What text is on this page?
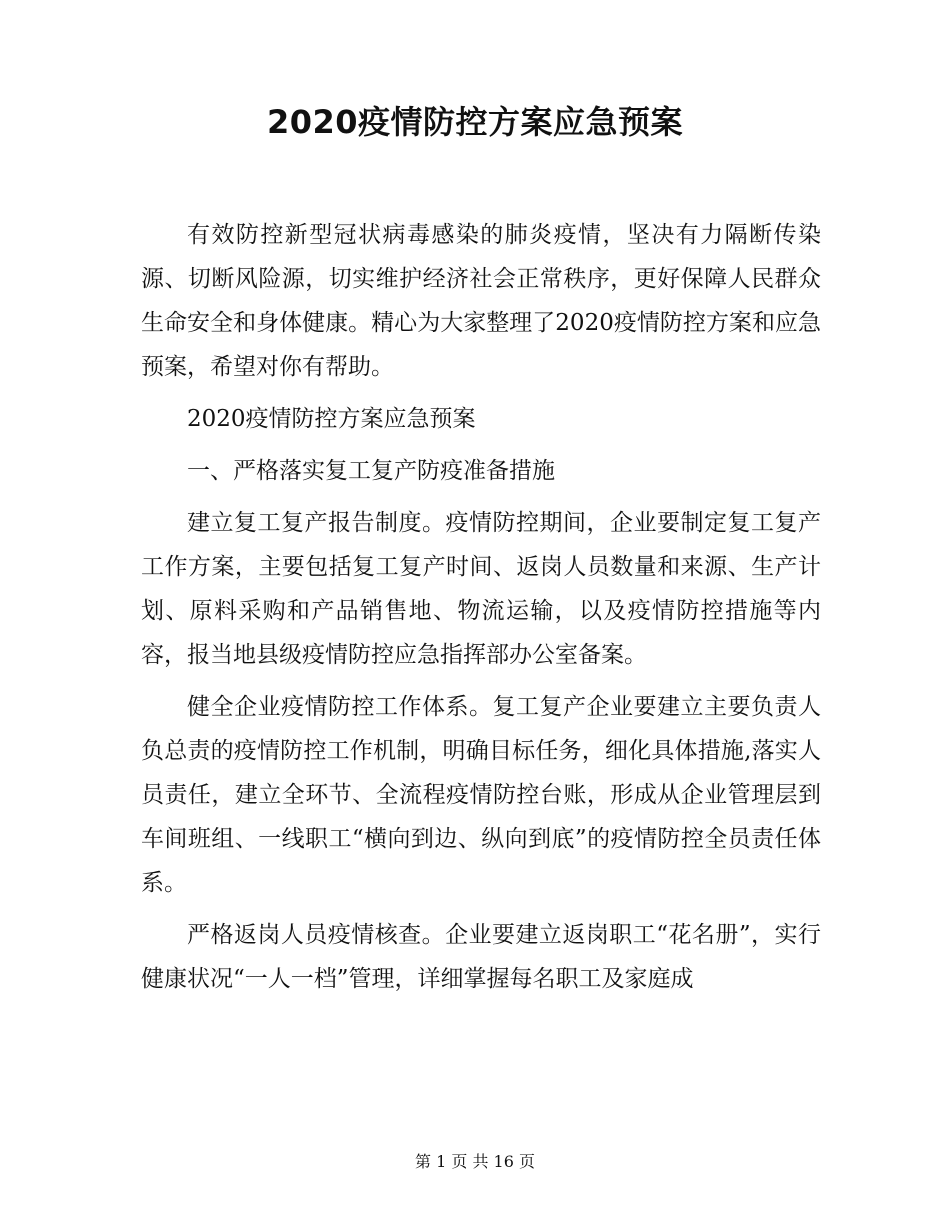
2020疫情防控方案应急预案

有效防控新型冠状病毒感染的肺炎疫情，坚决有力隔断传染源、切断风险源，切实维护经济社会正常秩序，更好保障人民群众生命安全和身体健康。精心为大家整理了2020疫情防控方案和应急预案，希望对你有帮助。

2020疫情防控方案应急预案

一、严格落实复工复产防疫准备措施

建立复工复产报告制度。疫情防控期间，企业要制定复工复产工作方案，主要包括复工复产时间、返岗人员数量和来源、生产计划、原料采购和产品销售地、物流运输，以及疫情防控措施等内容，报当地县级疫情防控应急指挥部办公室备案。

健全企业疫情防控工作体系。复工复产企业要建立主要负责人负总责的疫情防控工作机制，明确目标任务，细化具体措施,落实人员责任，建立全环节、全流程疫情防控台账，形成从企业管理层到车间班组、一线职工“横向到边、纵向到底”的疫情防控全员责任体系。

严格返岗人员疫情核查。企业要建立返岗职工“花名册”，实行健康状况“一人一档”管理，详细掌握每名职工及家庭成

第 1 页 共 16 页
